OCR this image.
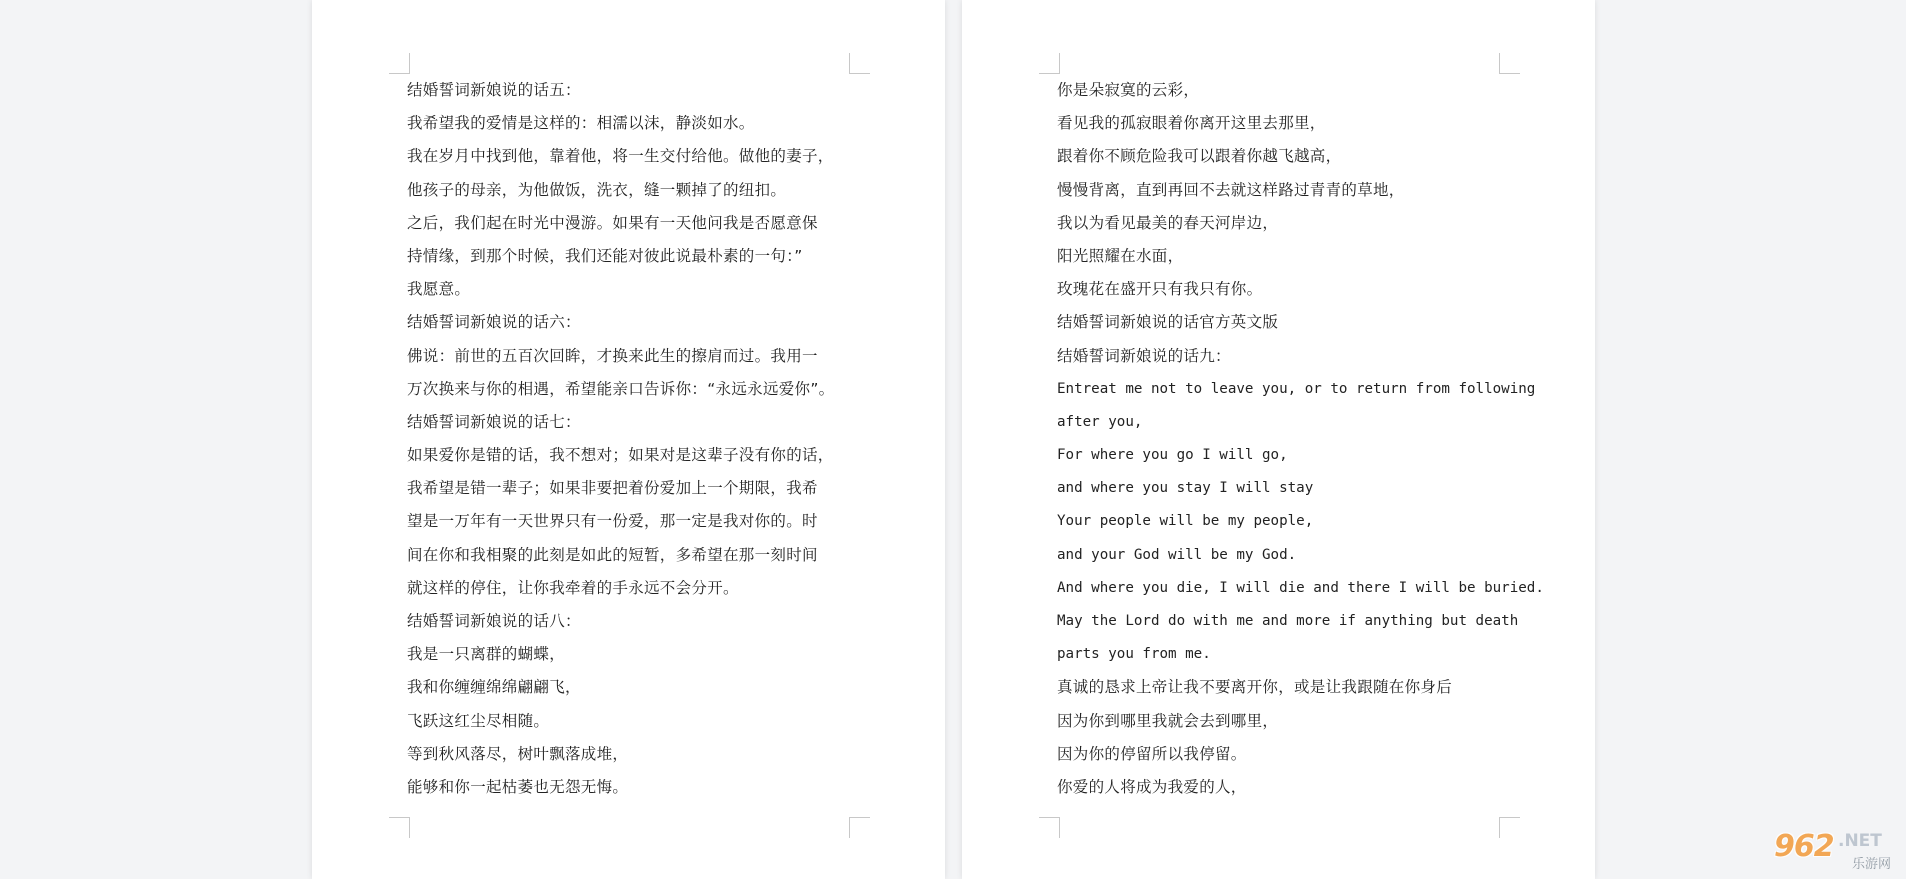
结婚誓词新娘说的话五：
我希望我的爱情是这样的：相濡以沫，静淡如水。
我在岁月中找到他，靠着他，将一生交付给他。做他的妻子，
他孩子的母亲，为他做饭，洗衣，缝一颗掉了的纽扣。
之后，我们起在时光中漫游。如果有一天他问我是否愿意保
持情缘，到那个时候，我们还能对彼此说最朴素的一句：”
我愿意。
结婚誓词新娘说的话六：
佛说：前世的五百次回眸，才换来此生的擦肩而过。我用一
万次换来与你的相遇，希望能亲口告诉你：“永远永远爱你”。
结婚誓词新娘说的话七：
如果爱你是错的话，我不想对；如果对是这辈子没有你的话，
我希望是错一辈子；如果非要把着份爱加上一个期限，我希
望是一万年有一天世界只有一份爱，那一定是我对你的。时
间在你和我相聚的此刻是如此的短暂，多希望在那一刻时间
就这样的停住，让你我牵着的手永远不会分开。
结婚誓词新娘说的话八：
我是一只离群的蝴蝶，
我和你缠缠绵绵翩翩飞，
飞跃这红尘尽相随。
等到秋风落尽，树叶飘落成堆，
能够和你一起枯萎也无怨无悔。
你是朵寂寞的云彩，
看见我的孤寂眼着你离开这里去那里，
跟着你不顾危险我可以跟着你越飞越高，
慢慢背离，直到再回不去就这样路过青青的草地，
我以为看见最美的春天河岸边，
阳光照耀在水面，
玫瑰花在盛开只有我只有你。
结婚誓词新娘说的话官方英文版
结婚誓词新娘说的话九：
Entreat me not to leave you, or to return from following
after you,
For where you go I will go,
and where you stay I will stay
Your people will be my people,
and your God will be my God.
And where you die, I will die and there I will be buried.
May the Lord do with me and more if anything but death
parts you from me.
真诚的恳求上帝让我不要离开你，或是让我跟随在你身后
因为你到哪里我就会去到哪里，
因为你的停留所以我停留。
你爱的人将成为我爱的人，
962 .NET
乐游网
